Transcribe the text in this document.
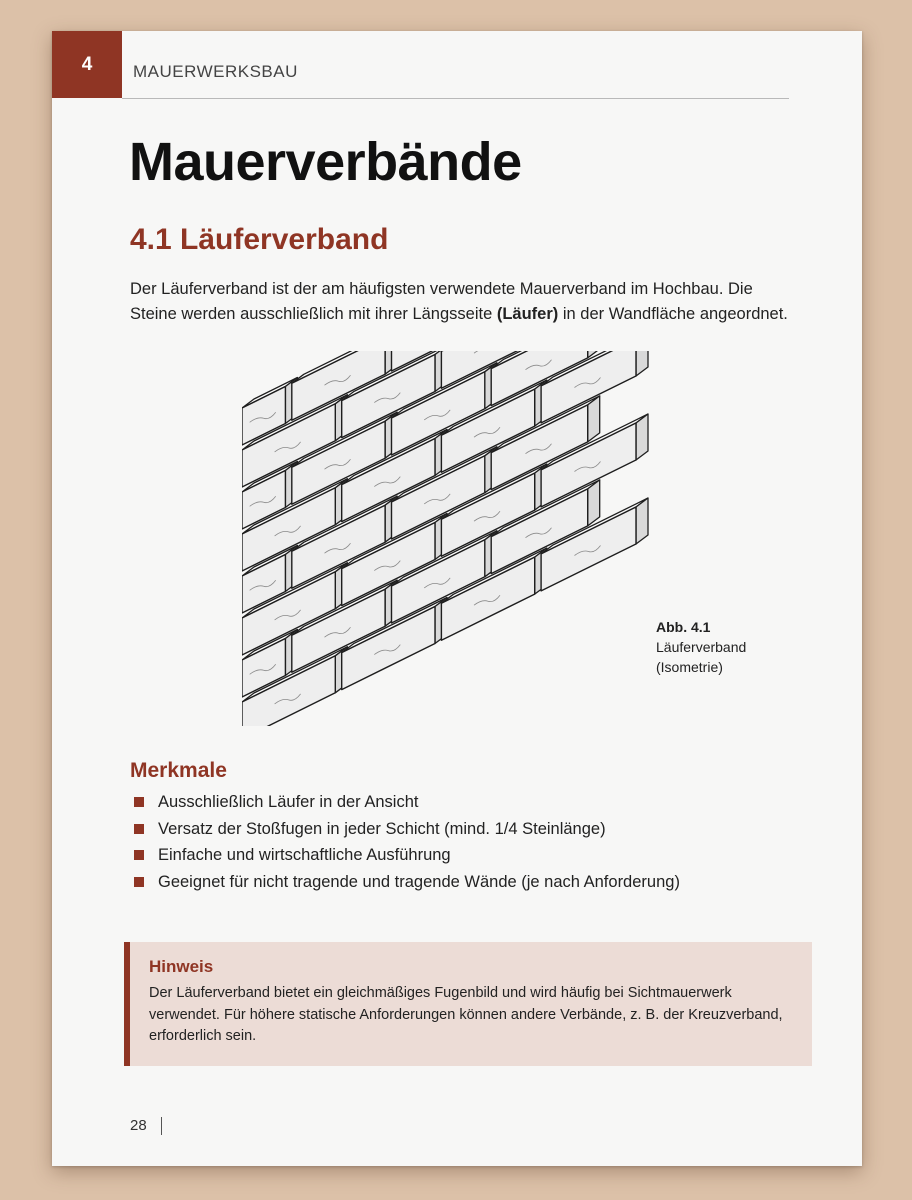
4 MAUERWERKSBAU
Mauerverbände
4.1 Läuferverband

Der Läuferverband ist der am häufigsten verwendete Mauerverband im Hochbau. Die Steine werden ausschließlich mit ihrer Längsseite (Läufer) in der Wandfläche angeordnet.

Abb. 4.1
Läuferverband
(Isometrie)
Merkmale
Ausschließlich Läufer in der Ansicht
Versatz der Stoßfugen in jeder Schicht (mind. 1/4 Steinlänge)
Einfache und wirtschaftliche Ausführung
Geeignet für nicht tragende und tragende Wände (je nach Anforderung)
Hinweis
Der Läuferverband bietet ein gleichmäßiges Fugenbild und wird häufig bei Sichtmauerwerk verwendet. Für höhere statische Anforderungen können andere Verbände, z. B. der Kreuzverband, erforderlich sein.
28
